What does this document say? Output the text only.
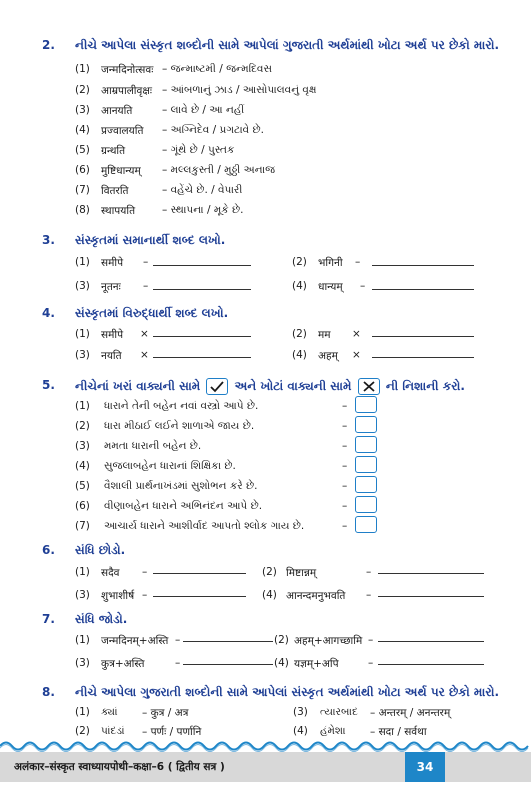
2. નીચે આપેલા સંસ્કૃત શબ્દોની સામે આપેલાં ગુજરાતી અર્થમાંથી ખોટા અર્થ પર છેકો મારો.
(1) जन्मदिनोत्सवः – જન્માષ્ટમી / જન્મદિવસ
(2) आम्रपालीवृक्षः – આંબળાનું ઝાડ / આસોપાલવનું વૃક્ષ
(3) आनयति	– લાવે છે / આ નહીં
(4) प्रज्वालयति – અગ્નિદેવ / પ્રગટાવે છે.
(5) ग्रन्थति	– ગૂંથે છે / પુસ્તક
(6) मुष्टिधान्यम् – મલ્લકુસ્તી / મુઠ્ઠી અનાજ
(7) वितरति	– વહેંચે છે. / વેપારી
(8) स्थापयति	– સ્થાપના / મૂકે છે.
3. સંસ્કૃતમાં સમાનાર્થી શબ્દ લખો.
(1) समीपे –	(2) भगिनी –
(3) नूतनः –	(4) धान्यम् –
4. સંસ્કૃતમાં વિરુદ્ધાર્થી શબ્દ લખો.
(1) समीपे ×	(2) मम ×
(3) नयति ×	(4) अहम् ×
5. નીચેનાં ખરાં વાક્યની સામે	અને ખોટાં વાક્યની સામે	ની નિશાની કરો.
(1) ધારાને તેની બહેન નવાં વસ્ત્રો આપે છે.	–
(2) ધારા મીઠાઈ લઈને શાળાએ જાય છે.	–
(3) મમતા ધારાની બહેન છે.	–
(4) સુજલાબહેન ધારાનાં શિક્ષિકા છે.	–
(5) વૈશાલી પ્રાર્થનાખંડમાં સુશોભન કરે છે.	–
(6) વીણાબહેન ધારાને અભિનંદન આપે છે.	–
(7) આચાર્ય ધારાને આશીર્વાદ આપતો શ્લોક ગાય છે.	–
6. સંધિ છોડો.
(1) सदैव –	(2) मिष्टान्नम्	–
(3) शुभाशीर्ष –	(4) आनन्दमनुभवति –
7. સંધિ જોડો.
(1) जन्मदिनम्+अस्ति –	(2) अहम्+आगच्छामि –
(3) कुत्र+अस्ति	–	(4) यज्ञम्+अपि	–
8. નીચે આપેલા ગુજરાતી શબ્દોની સામે આપેલાં સંસ્કૃત અર્થમાંથી ખોટા અર્થ પર છેકો મારો.
(1) ક્યાં – कुत्र / अत्र	(3) ત્યારબાદ – अन्तरम् / अनन्तरम्
(2) પાંદડાં – पर्णः / पर्णानि	(4) હંમેશા – सदा / सर्वथा
अलंकार–संस्कृत स्वाध्यायपोथी–कक्षा–6 ( द्वितीय सत्र )	34
